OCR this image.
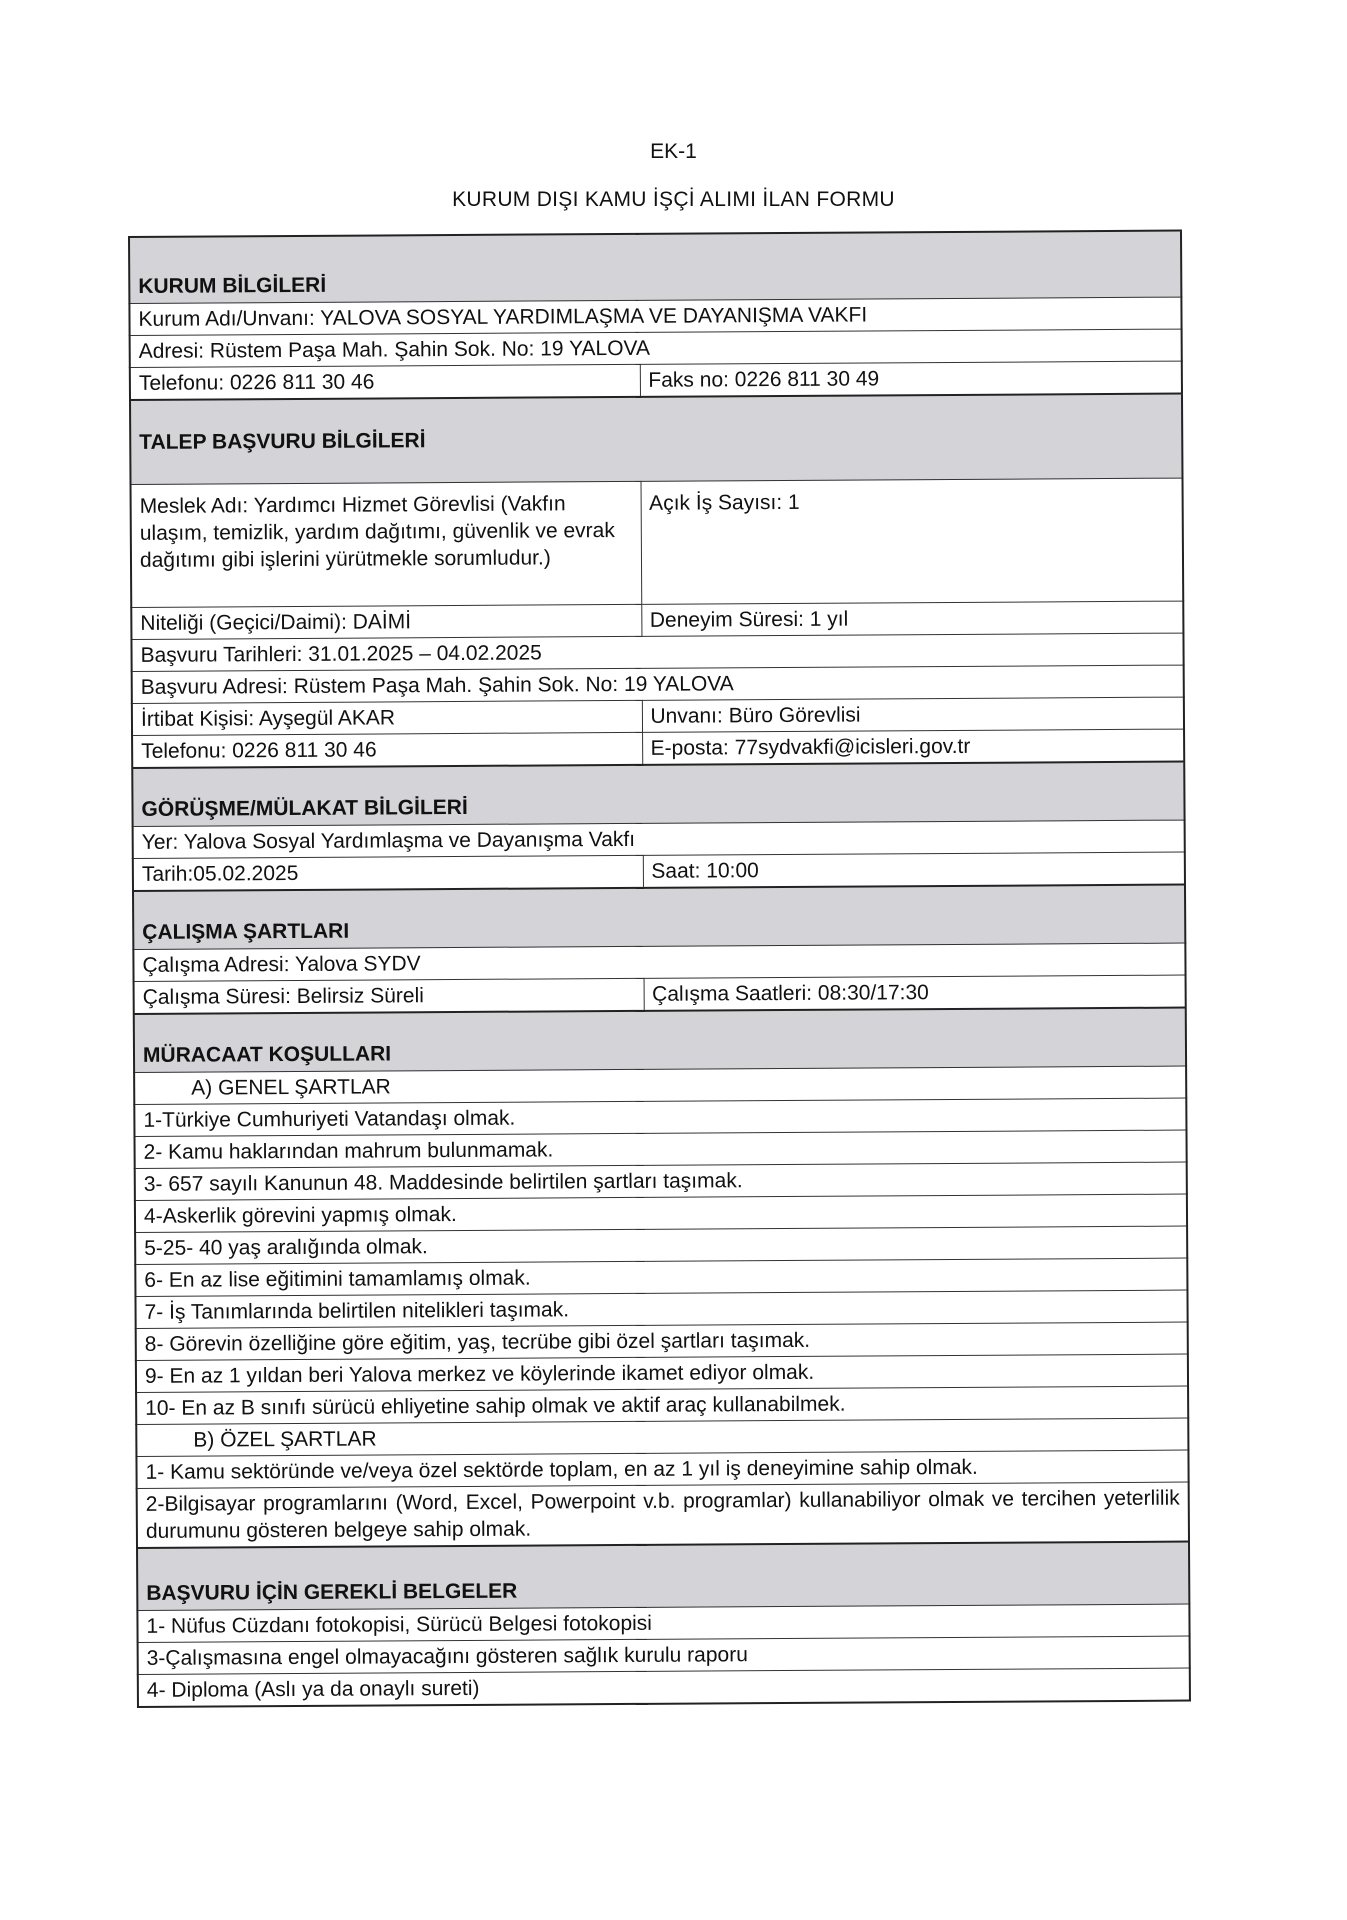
EK-1
KURUM DIŞI KAMU İŞÇİ ALIMI İLAN FORMU
KURUM BİLGİLERİ	

Kurum Adı/Unvanı: YALOVA SOSYAL YARDIMLAŞMA VE DAYANIŞMA VAKFI	
Adresi: Rüstem Paşa Mah. Şahin Sok. No: 19 YALOVA	
Telefonu: 0226 811 30 46	Faks no: 0226 811 30 49

TALEP BAŞVURU BİLGİLERİ	

Meslek Adı: Yardımcı Hizmet Görevlisi (Vakfın ulaşım, temizlik, yardım dağıtımı, güvenlik ve evrak dağıtımı gibi işlerini yürütmekle sorumludur.)	Açık İş Sayısı: 1
Niteliği (Geçici/Daimi): DAİMİ	Deneyim Süresi: 1 yıl
Başvuru Tarihleri: 31.01.2025 – 04.02.2025	
Başvuru Adresi: Rüstem Paşa Mah. Şahin Sok. No: 19 YALOVA	
İrtibat Kişisi: Ayşegül AKAR	Unvanı: Büro Görevlisi
Telefonu: 0226 811 30 46	E-posta: 77sydvakfi@icisleri.gov.tr

GÖRÜŞME/MÜLAKAT BİLGİLERİ	

Yer: Yalova Sosyal Yardımlaşma ve Dayanışma Vakfı	
Tarih:05.02.2025	Saat: 10:00

ÇALIŞMA ŞARTLARI	

Çalışma Adresi: Yalova SYDV	
Çalışma Süresi: Belirsiz Süreli	Çalışma Saatleri: 08:30/17:30

MÜRACAAT KOŞULLARI	

A) GENEL ŞARTLAR	
1-Türkiye Cumhuriyeti Vatandaşı olmak.	
2- Kamu haklarından mahrum bulunmamak.	
3- 657 sayılı Kanunun 48. Maddesinde belirtilen şartları taşımak.	
4-Askerlik görevini yapmış olmak.	
5-25- 40 yaş aralığında olmak.	
6- En az lise eğitimini tamamlamış olmak.	
7- İş Tanımlarında belirtilen nitelikleri taşımak.	
8- Görevin özelliğine göre eğitim, yaş, tecrübe gibi özel şartları taşımak.	
9- En az 1 yıldan beri Yalova merkez ve köylerinde ikamet ediyor olmak.	
10- En az B sınıfı sürücü ehliyetine sahip olmak ve aktif araç kullanabilmek.	
B) ÖZEL ŞARTLAR	
1- Kamu sektöründe ve/veya özel sektörde toplam, en az 1 yıl iş deneyimine sahip olmak.	
2-Bilgisayar programlarını (Word, Excel, Powerpoint v.b. programlar) kullanabiliyor olmak ve tercihen yeterlilik durumunu gösteren belgeye sahip olmak.	

BAŞVURU İÇİN GEREKLİ BELGELER	

1- Nüfus Cüzdanı fotokopisi, Sürücü Belgesi fotokopisi	
3-Çalışmasına engel olmayacağını gösteren sağlık kurulu raporu	
4- Diploma (Aslı ya da onaylı sureti)	
